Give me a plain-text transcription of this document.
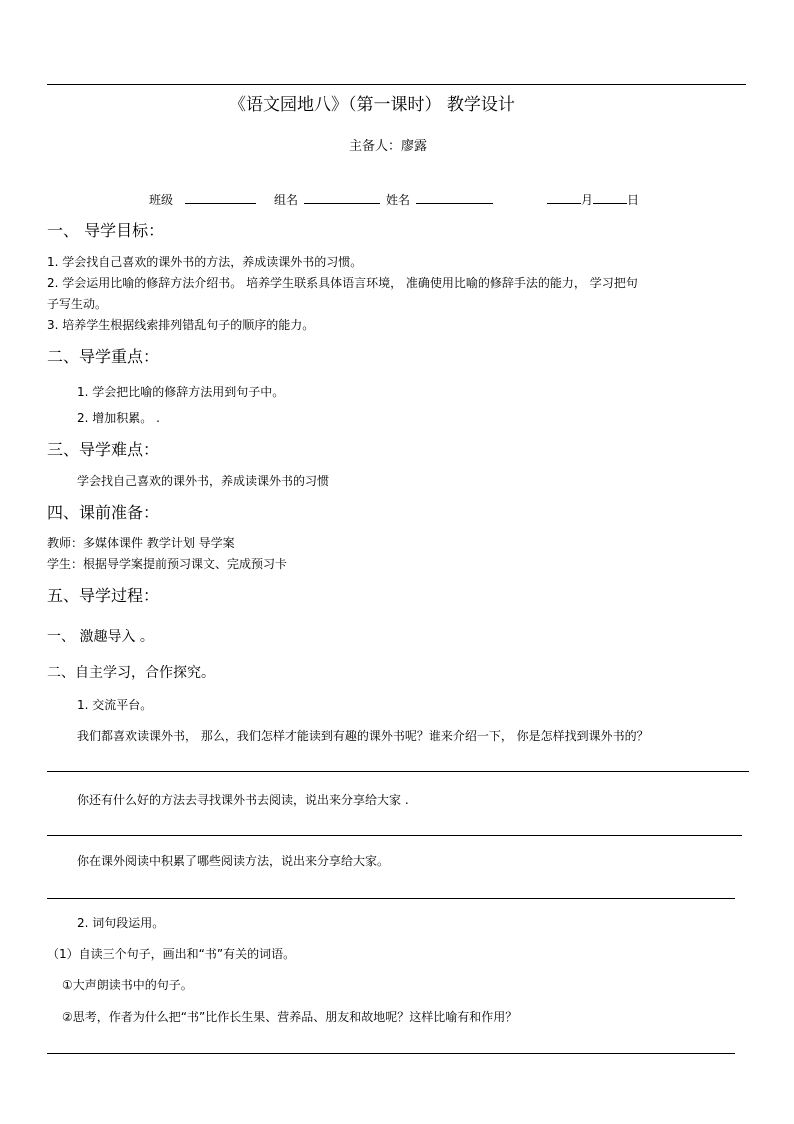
《语文园地八》（第一课时） 教学设计
主备人：廖露
班级	组名	姓名	月	日
一、 导学目标：
1. 学会找自己喜欢的课外书的方法，养成读课外书的习惯。
2. 学会运用比喻的修辞方法介绍书。 培养学生联系具体语言环境， 准确使用比喻的修辞手法的能力， 学习把句
子写生动。
3. 培养学生根据线索排列错乱句子的顺序的能力。
二、导学重点：
1. 学会把比喻的修辞方法用到句子中。
2. 增加积累。 .
三、导学难点：
学会找自己喜欢的课外书，养成读课外书的习惯
四、课前准备：
教师：多媒体课件 教学计划 导学案
学生：根据导学案提前预习课文、完成预习卡
五、导学过程：
一、 激趣导入 。
二、自主学习，合作探究。
1. 交流平台。
我们都喜欢读课外书， 那么，我们怎样才能读到有趣的课外书呢？谁来介绍一下， 你是怎样找到课外书的？
你还有什么好的方法去寻找课外书去阅读，说出来分享给大家 .
你在课外阅读中积累了哪些阅读方法，说出来分享给大家。
2. 词句段运用。
（1）自读三个句子，画出和“书”有关的词语。
①大声朗读书中的句子。
②思考，作者为什么把“书”比作长生果、营养品、朋友和故地呢？这样比喻有和作用？
